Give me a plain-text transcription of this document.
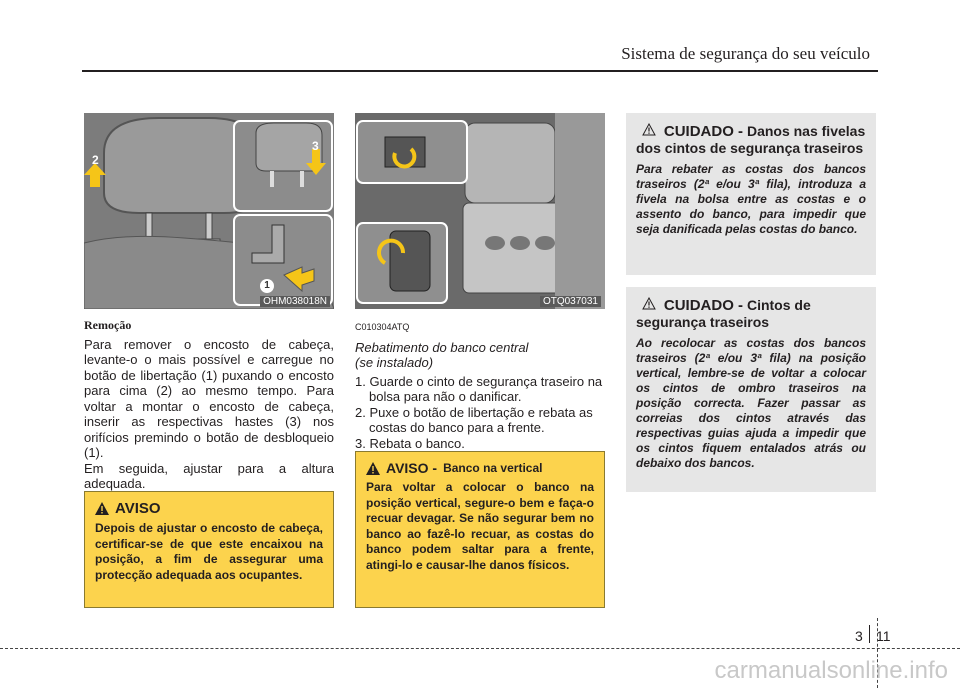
Sistema de segurança do seu veículo
2
3
1
OHM038018N
Remoção

Para remover o encosto de cabeça, levante-o o mais possível e carregue no botão de libertação (1) puxando o encosto para cima (2) ao mesmo tempo. Para voltar a montar o encosto de cabeça, inserir as respectivas hastes (3) nos orifícios premindo o botão de desbloqueio (1).

Em seguida, ajustar para a altura adequada.

AVISO
Depois de ajustar o encosto de cabeça, certificar-se de que este encaixou na posição, a fim de assegurar uma protecção adequada aos ocupantes.
OTQ037031
C010304ATQ
Rebatimento do banco central
(se instalado)

1. Guarde o cinto de segurança traseiro na bolsa para não o danificar.

2. Puxe o botão de libertação e rebata as costas do banco para a frente.

3. Rebata o banco.

AVISO - Banco na vertical
Para voltar a colocar o banco na posição vertical, segure-o bem e faça-o recuar devagar. Se não segurar bem no banco ao fazê-lo recuar, as costas do banco podem saltar para a frente, atingi-lo e causar-lhe danos físicos.
CUIDADO - Danos nas fivelas dos cintos de segurança traseiros
Para rebater as costas dos bancos traseiros (2ª e/ou 3ª fila), introduza a fivela na bolsa entre as costas e o assento do banco, para impedir que seja danificada pelas costas do banco.
CUIDADO - Cintos de segurança traseiros
Ao recolocar as costas dos bancos traseiros (2ª e/ou 3ª fila) na posição vertical, lembre-se de voltar a colocar os cintos de ombro traseiros na posição correcta. Fazer passar as correias dos cintos através das respectivas guias ajuda a impedir que os cintos fiquem entalados atrás ou debaixo dos bancos.
3 11
carmanualsonline.info
